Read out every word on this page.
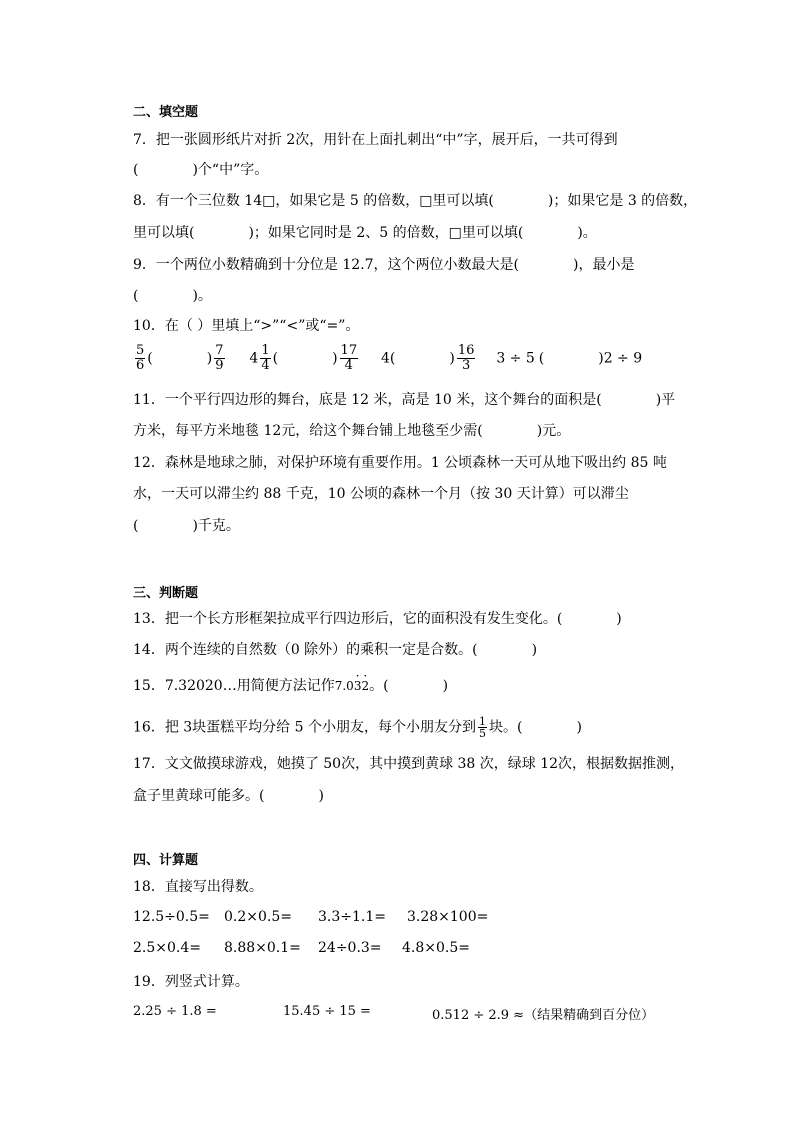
二、填空题
7．把一张圆形纸片对折 2次，用针在上面扎刺出“中”字，展开后，一共可得到
(	)个“中”字。
8．有一个三位数 14□，如果它是 5 的倍数，□里可以填(	)；如果它是 3 的倍数，
里可以填(	)；如果它同时是 2、5 的倍数，□里可以填(	)。
9．一个两位小数精确到十分位是 12.7，这个两位小数最大是(	)，最小是
(	)。
10．在（ ）里填上“>”“<”或“=”。
$\frac{5}{6}$ (	) $\frac{7}{9} 4 \frac{1}{4}$ (	) $\frac{17}{4} 4$(	) $\frac{16}{3} 3 \div 5$ (	)2 ÷ 9
11．一个平行四边形的舞台，底是 12 米，高是 10 米，这个舞台的面积是(	)平
方米，每平方米地毯 12元，给这个舞台铺上地毯至少需(	)元。
12．森林是地球之肺，对保护环境有重要作用。1 公顷森林一天可从地下吸出约 85 吨
水，一天可以滞尘约 88 千克，10 公顷的森林一个月（按 30 天计算）可以滞尘
(	)千克。
三、判断题
13．把一个长方形框架拉成平行四边形后，它的面积没有发生变化。(	)
14．两个连续的自然数（0 除外）的乘积一定是合数。(	)
15．7.32020…用简便方法记作7.0· 3· 2。(	)
16．把 3块蛋糕平均分给 5 个小朋友，每个小朋友分到 $\frac{1}{5}$ 块。(	)
17．文文做摸球游戏，她摸了 50次，其中摸到黄球 38 次，绿球 12次，根据数据推测，
盒子里黄球可能多。(	)
四、计算题
18．直接写出得数。
12.5÷0.5= 0.2×0.5= 3.3÷1.1= 3.28×100=
2.5×0.4= 8.88×0.1= 24÷0.3= 4.8×0.5=
19．列竖式计算。
2.25 ÷ 1.8 =	15.45 ÷ 15 =	0.512 ÷ 2.9 ≈（结果精确到百分位）
